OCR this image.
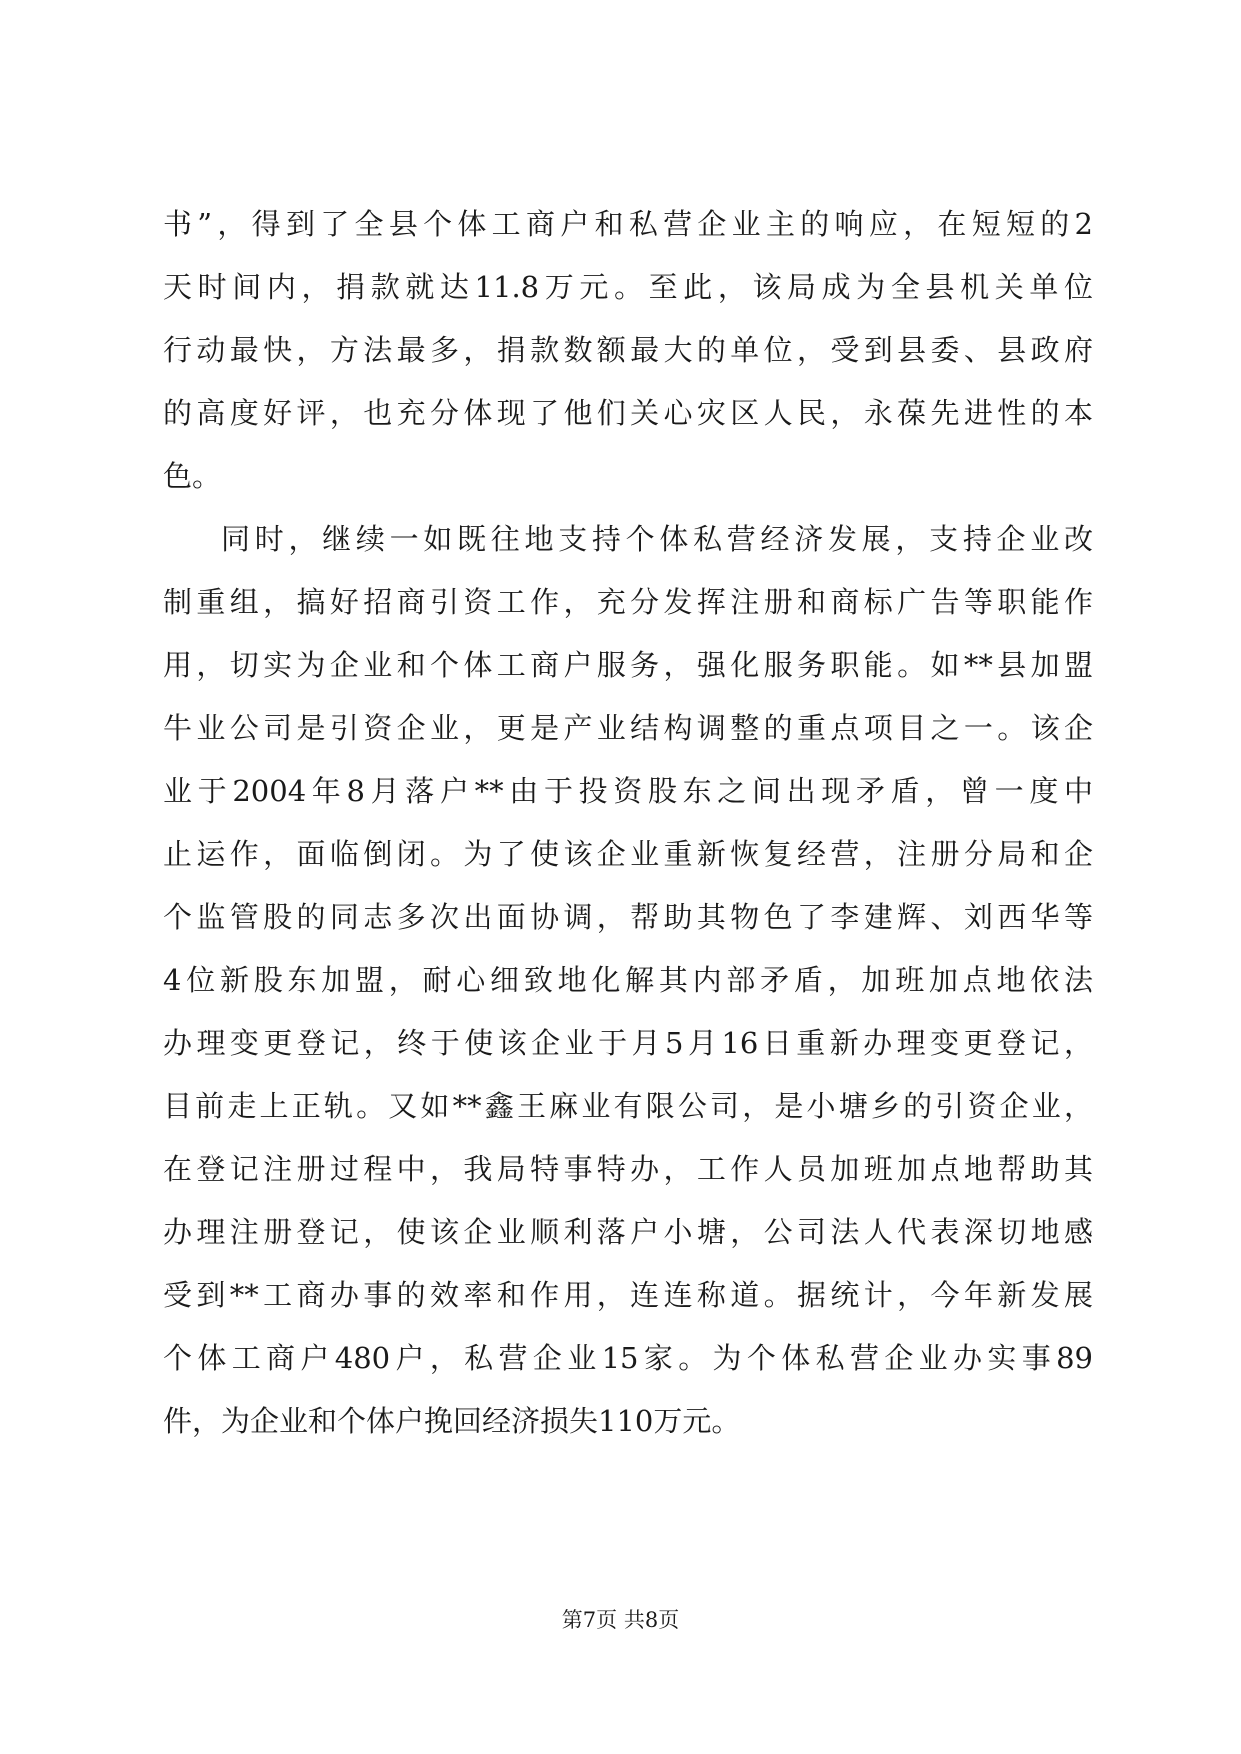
书”，得到了全县个体工商户和私营企业主的响应，在短短的2
天时间内，捐款就达11.8万元。至此，该局成为全县机关单位
行动最快，方法最多，捐款数额最大的单位，受到县委、县政府
的高度好评，也充分体现了他们关心灾区人民，永葆先进性的本
色。
同时，继续一如既往地支持个体私营经济发展，支持企业改
制重组，搞好招商引资工作，充分发挥注册和商标广告等职能作
用，切实为企业和个体工商户服务，强化服务职能。如**县加盟
牛业公司是引资企业，更是产业结构调整的重点项目之一。该企
业于2004年8月落户**由于投资股东之间出现矛盾，曾一度中
止运作，面临倒闭。为了使该企业重新恢复经营，注册分局和企
个监管股的同志多次出面协调，帮助其物色了李建辉、刘西华等
4位新股东加盟，耐心细致地化解其内部矛盾，加班加点地依法
办理变更登记，终于使该企业于月5月16日重新办理变更登记，
目前走上正轨。又如**鑫王麻业有限公司，是小塘乡的引资企业，
在登记注册过程中，我局特事特办，工作人员加班加点地帮助其
办理注册登记，使该企业顺利落户小塘，公司法人代表深切地感
受到**工商办事的效率和作用，连连称道。据统计，今年新发展
个体工商户480户，私营企业15家。为个体私营企业办实事89
件，为企业和个体户挽回经济损失110万元。
第7页 共8页
